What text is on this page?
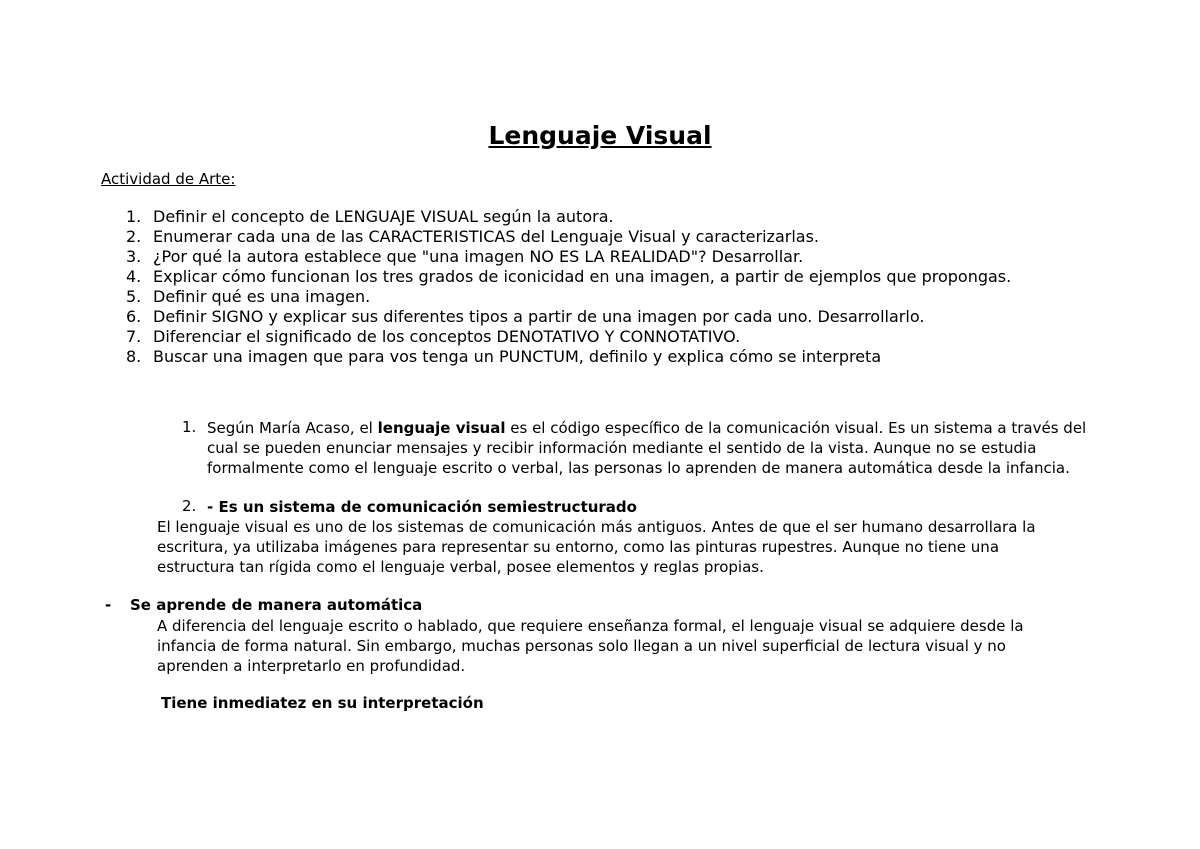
Lenguaje Visual
Actividad de Arte:
1. Definir el concepto de LENGUAJE VISUAL según la autora.
2. Enumerar cada una de las CARACTERISTICAS del Lenguaje Visual y caracterizarlas.
3. ¿Por qué la autora establece que "una imagen NO ES LA REALIDAD"? Desarrollar.
4. Explicar cómo funcionan los tres grados de iconicidad en una imagen, a partir de ejemplos que propongas.
5. Definir qué es una imagen.
6. Definir SIGNO y explicar sus diferentes tipos a partir de una imagen por cada uno. Desarrollarlo.
7. Diferenciar el significado de los conceptos DENOTATIVO Y CONNOTATIVO.
8. Buscar una imagen que para vos tenga un PUNCTUM, definilo y explica cómo se interpreta
1. Según María Acaso, el lenguaje visual es el código específico de la comunicación visual. Es un sistema a través del cual se pueden enunciar mensajes y recibir información mediante el sentido de la vista. Aunque no se estudia formalmente como el lenguaje escrito o verbal, las personas lo aprenden de manera automática desde la infancia.
2. - Es un sistema de comunicación semiestructurado
El lenguaje visual es uno de los sistemas de comunicación más antiguos. Antes de que el ser humano desarrollara la escritura, ya utilizaba imágenes para representar su entorno, como las pinturas rupestres. Aunque no tiene una estructura tan rígida como el lenguaje verbal, posee elementos y reglas propias.
- Se aprende de manera automática
A diferencia del lenguaje escrito o hablado, que requiere enseñanza formal, el lenguaje visual se adquiere desde la infancia de forma natural. Sin embargo, muchas personas solo llegan a un nivel superficial de lectura visual y no aprenden a interpretarlo en profundidad.
Tiene inmediatez en su interpretación
